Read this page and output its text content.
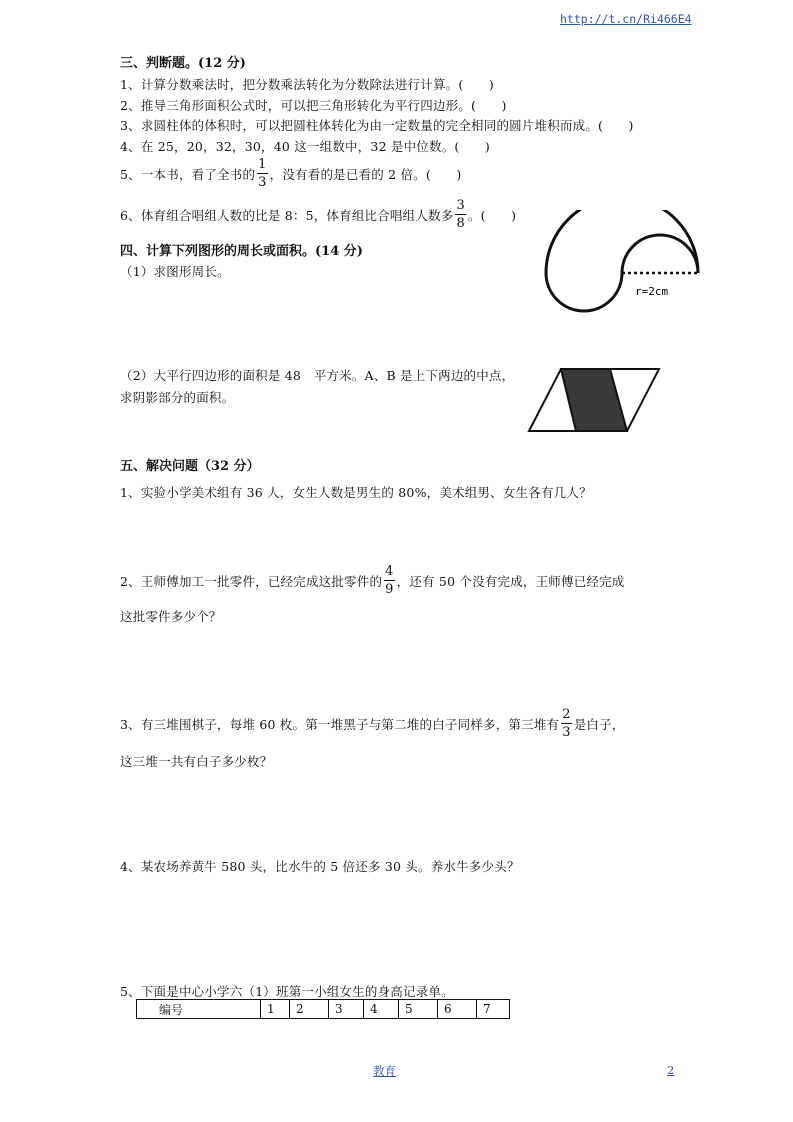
http://t.cn/Ri466E4
三、判断题。(12 分)
1、计算分数乘法时，把分数乘法转化为分数除法进行计算。(　　)
2、推导三角形面积公式时，可以把三角形转化为平行四边形。(　　)
3、求圆柱体的体积时，可以把圆柱体转化为由一定数量的完全相同的圆片堆积而成。(　　)
4、在 25，20，32，30，40 这一组数中，32 是中位数。(　　)
5、一本书，看了全书的 $\frac{1}{3}$ ，没有看的是已看的 2 倍。(　　)
6、体育组合唱组人数的比是 8：5，体育组比合唱组人数多 $\frac{3}{8}$ 。(　　)
四、计算下列图形的周长或面积。(14 分)
（1）求图形周长。
r=2cm
（2）大平行四边形的面积是 48　平方米。A、B 是上下两边的中点，
求阴影部分的面积。
五、解决问题（32 分）
1、实验小学美术组有 36 人，女生人数是男生的 80%，美术组男、女生各有几人？
2、王师傅加工一批零件，已经完成这批零件的 $\frac{4}{9}$ ，还有 50 个没有完成，王师傅已经完成
这批零件多少个？
3、有三堆围棋子，每堆 60 枚。第一堆黑子与第二堆的白子同样多，第三堆有 $\frac{2}{3}$ 是白子，
这三堆一共有白子多少枚？
4、某农场养黄牛 580 头，比水牛的 5 倍还多 30 头。养水牛多少头？
5、下面是中心小学六（1）班第一小组女生的身高记录单。
编号	1	2	3	4	5	6	7
教育	2
